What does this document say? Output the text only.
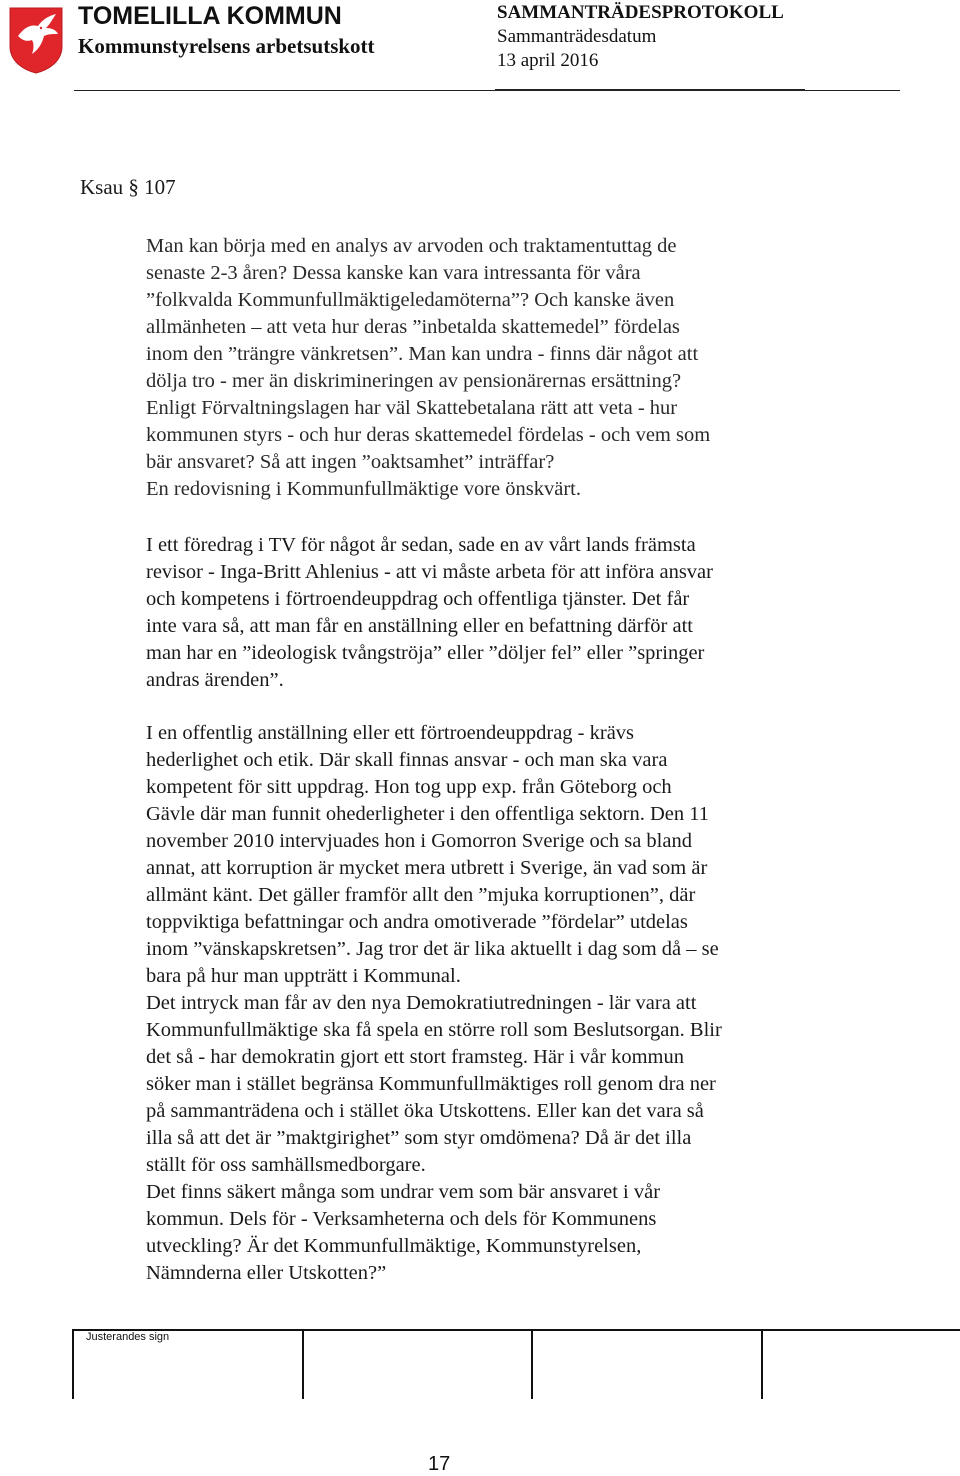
TOMELILLA KOMMUN
Kommunstyrelsens arbetsutskott
SAMMANTRÄDESPROTOKOLL
Sammanträdesdatum
13 april 2016
Ksau § 107

Man kan börja med en analys av arvoden och traktamentuttag de
senaste 2-3 åren? Dessa kanske kan vara intressanta för våra
”folkvalda Kommunfullmäktigeledamöterna”? Och kanske även
allmänheten – att veta hur deras ”inbetalda skattemedel” fördelas
inom den ”trängre vänkretsen”. Man kan undra - finns där något att
dölja tro - mer än diskrimineringen av pensionärernas ersättning?
Enligt Förvaltningslagen har väl Skattebetalana rätt att veta - hur
kommunen styrs - och hur deras skattemedel fördelas - och vem som
bär ansvaret? Så att ingen ”oaktsamhet” inträffar?
En redovisning i Kommunfullmäktige vore önskvärt.

I ett föredrag i TV för något år sedan, sade en av vårt lands främsta
revisor - Inga-Britt Ahlenius - att vi måste arbeta för att införa ansvar
och kompetens i förtroendeuppdrag och offentliga tjänster. Det får
inte vara så, att man får en anställning eller en befattning därför att
man har en ”ideologisk tvångströja” eller ”döljer fel” eller ”springer
andras ärenden”.

I en offentlig anställning eller ett förtroendeuppdrag - krävs
hederlighet och etik. Där skall finnas ansvar - och man ska vara
kompetent för sitt uppdrag. Hon tog upp exp. från Göteborg och
Gävle där man funnit ohederligheter i den offentliga sektorn. Den 11
november 2010 intervjuades hon i Gomorron Sverige och sa bland
annat, att korruption är mycket mera utbrett i Sverige, än vad som är
allmänt känt. Det gäller framför allt den ”mjuka korruptionen”, där
toppviktiga befattningar och andra omotiverade ”fördelar” utdelas
inom ”vänskapskretsen”. Jag tror det är lika aktuellt i dag som då – se
bara på hur man uppträtt i Kommunal.
Det intryck man får av den nya Demokratiutredningen - lär vara att
Kommunfullmäktige ska få spela en större roll som Beslutsorgan. Blir
det så - har demokratin gjort ett stort framsteg. Här i vår kommun
söker man i stället begränsa Kommunfullmäktiges roll genom dra ner
på sammanträdena och i stället öka Utskottens. Eller kan det vara så
illa så att det är ”maktgirighet” som styr omdömena? Då är det illa
ställt för oss samhällsmedborgare.
Det finns säkert många som undrar vem som bär ansvaret i vår
kommun. Dels för - Verksamheterna och dels för Kommunens
utveckling? Är det Kommunfullmäktige, Kommunstyrelsen,
Nämnderna eller Utskotten?”

Justerandes sign
17
